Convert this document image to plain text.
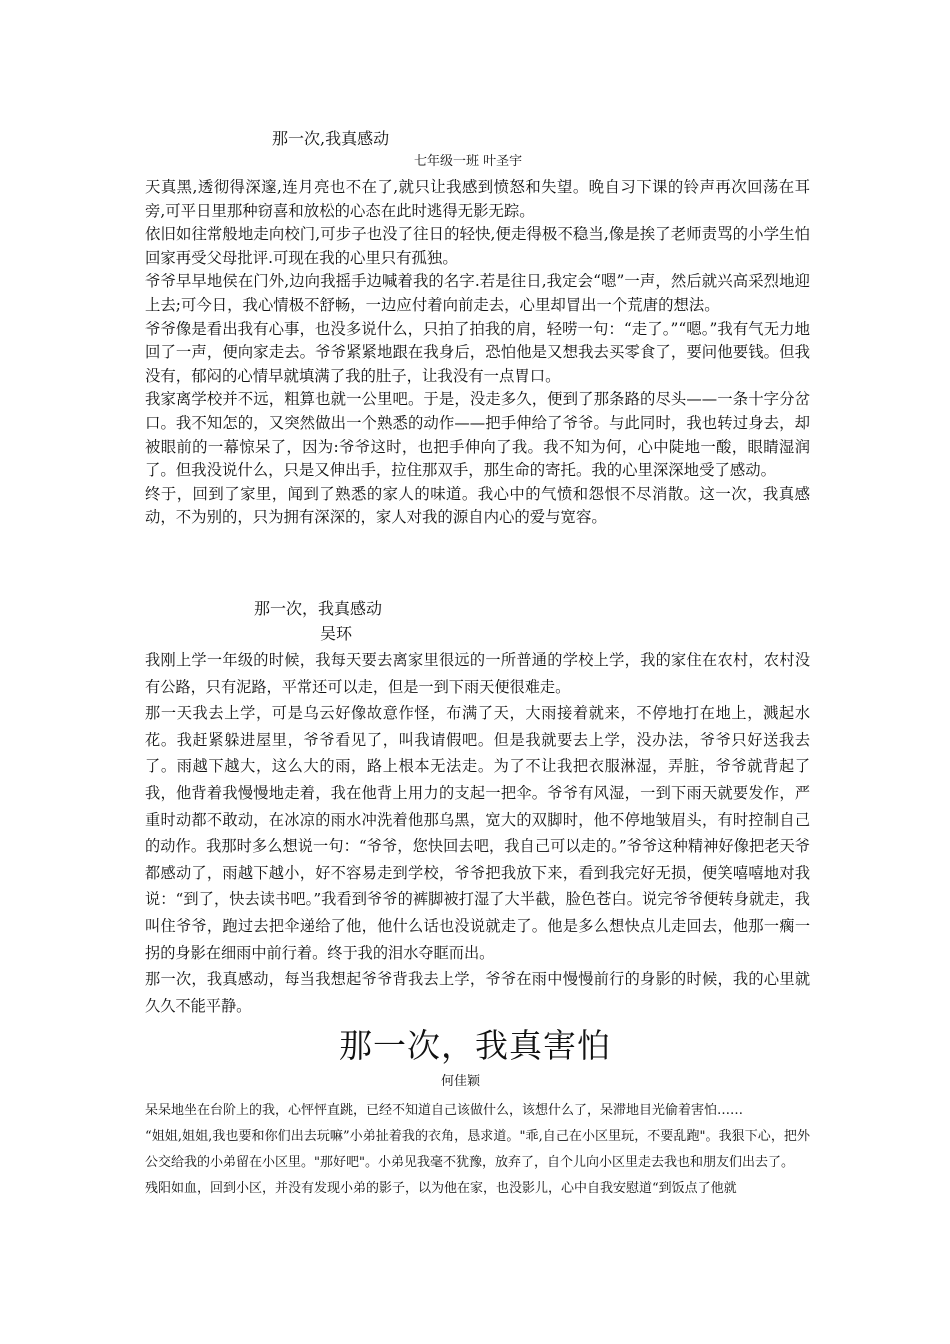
那一次,我真感动
七年级一班 叶圣宇

天真黑,透彻得深邃,连月亮也不在了,就只让我感到愤怒和失望。晚自习下课的铃声再次回荡在耳旁,可平日里那种窃喜和放松的心态在此时逃得无影无踪。

依旧如往常般地走向校门,可步子也没了往日的轻快,便走得极不稳当,像是挨了老师责骂的小学生怕回家再受父母批评.可现在我的心里只有孤独。

爷爷早早地侯在门外,边向我摇手边喊着我的名字.若是往日,我定会“嗯”一声，然后就兴高采烈地迎上去;可今日，我心情极不舒畅，一边应付着向前走去，心里却冒出一个荒唐的想法。

爷爷像是看出我有心事，也没多说什么，只拍了拍我的肩，轻唠一句：“走了。”“嗯。”我有气无力地回了一声，便向家走去。爷爷紧紧地跟在我身后，恐怕他是又想我去买零食了，要问他要钱。但我没有，郁闷的心情早就填满了我的肚子，让我没有一点胃口。

我家离学校并不远，粗算也就一公里吧。于是，没走多久，便到了那条路的尽头——一条十字分岔口。我不知怎的，又突然做出一个熟悉的动作——把手伸给了爷爷。与此同时，我也转过身去，却被眼前的一幕惊呆了，因为:爷爷这时，也把手伸向了我。我不知为何，心中陡地一酸，眼睛湿润了。但我没说什么，只是又伸出手，拉住那双手，那生命的寄托。我的心里深深地受了感动。

终于，回到了家里，闻到了熟悉的家人的味道。我心中的气愤和怨恨不尽消散。这一次，我真感动，不为别的，只为拥有深深的，家人对我的源自内心的爱与宽容。

那一次，我真感动
吴环

我刚上学一年级的时候，我每天要去离家里很远的一所普通的学校上学，我的家住在农村，农村没有公路，只有泥路，平常还可以走，但是一到下雨天便很难走。

那一天我去上学，可是乌云好像故意作怪，布满了天，大雨接着就来，不停地打在地上，溅起水花。我赶紧躲进屋里，爷爷看见了，叫我请假吧。但是我就要去上学，没办法，爷爷只好送我去了。雨越下越大，这么大的雨，路上根本无法走。为了不让我把衣服淋湿，弄脏，爷爷就背起了我，他背着我慢慢地走着，我在他背上用力的支起一把伞。爷爷有风湿，一到下雨天就要发作，严重时动都不敢动，在冰凉的雨水冲洗着他那乌黑，宽大的双脚时，他不停地皱眉头，有时控制自己的动作。我那时多么想说一句：“爷爷，您快回去吧，我自己可以走的。”爷爷这种精神好像把老天爷都感动了，雨越下越小，好不容易走到学校，爷爷把我放下来，看到我完好无损，便笑嘻嘻地对我说：“到了，快去读书吧。”我看到爷爷的裤脚被打湿了大半截，脸色苍白。说完爷爷便转身就走，我叫住爷爷，跑过去把伞递给了他，他什么话也没说就走了。他是多么想快点儿走回去，他那一瘸一拐的身影在细雨中前行着。终于我的泪水夺眶而出。

那一次，我真感动，每当我想起爷爷背我去上学，爷爷在雨中慢慢前行的身影的时候，我的心里就久久不能平静。

那一次，我真害怕
何佳颖

呆呆地坐在台阶上的我，心怦怦直跳，已经不知道自己该做什么，该想什么了，呆滞地目光偷着害怕……

“姐姐,姐姐,我也要和你们出去玩嘛”小弟扯着我的衣角，恳求道。"乖,自己在小区里玩，不要乱跑"。我狠下心，把外公交给我的小弟留在小区里。"那好吧"。小弟见我毫不犹豫，放弃了，自个儿向小区里走去我也和朋友们出去了。

残阳如血，回到小区，并没有发现小弟的影子，以为他在家，也没影儿，心中自我安慰道“到饭点了他就
